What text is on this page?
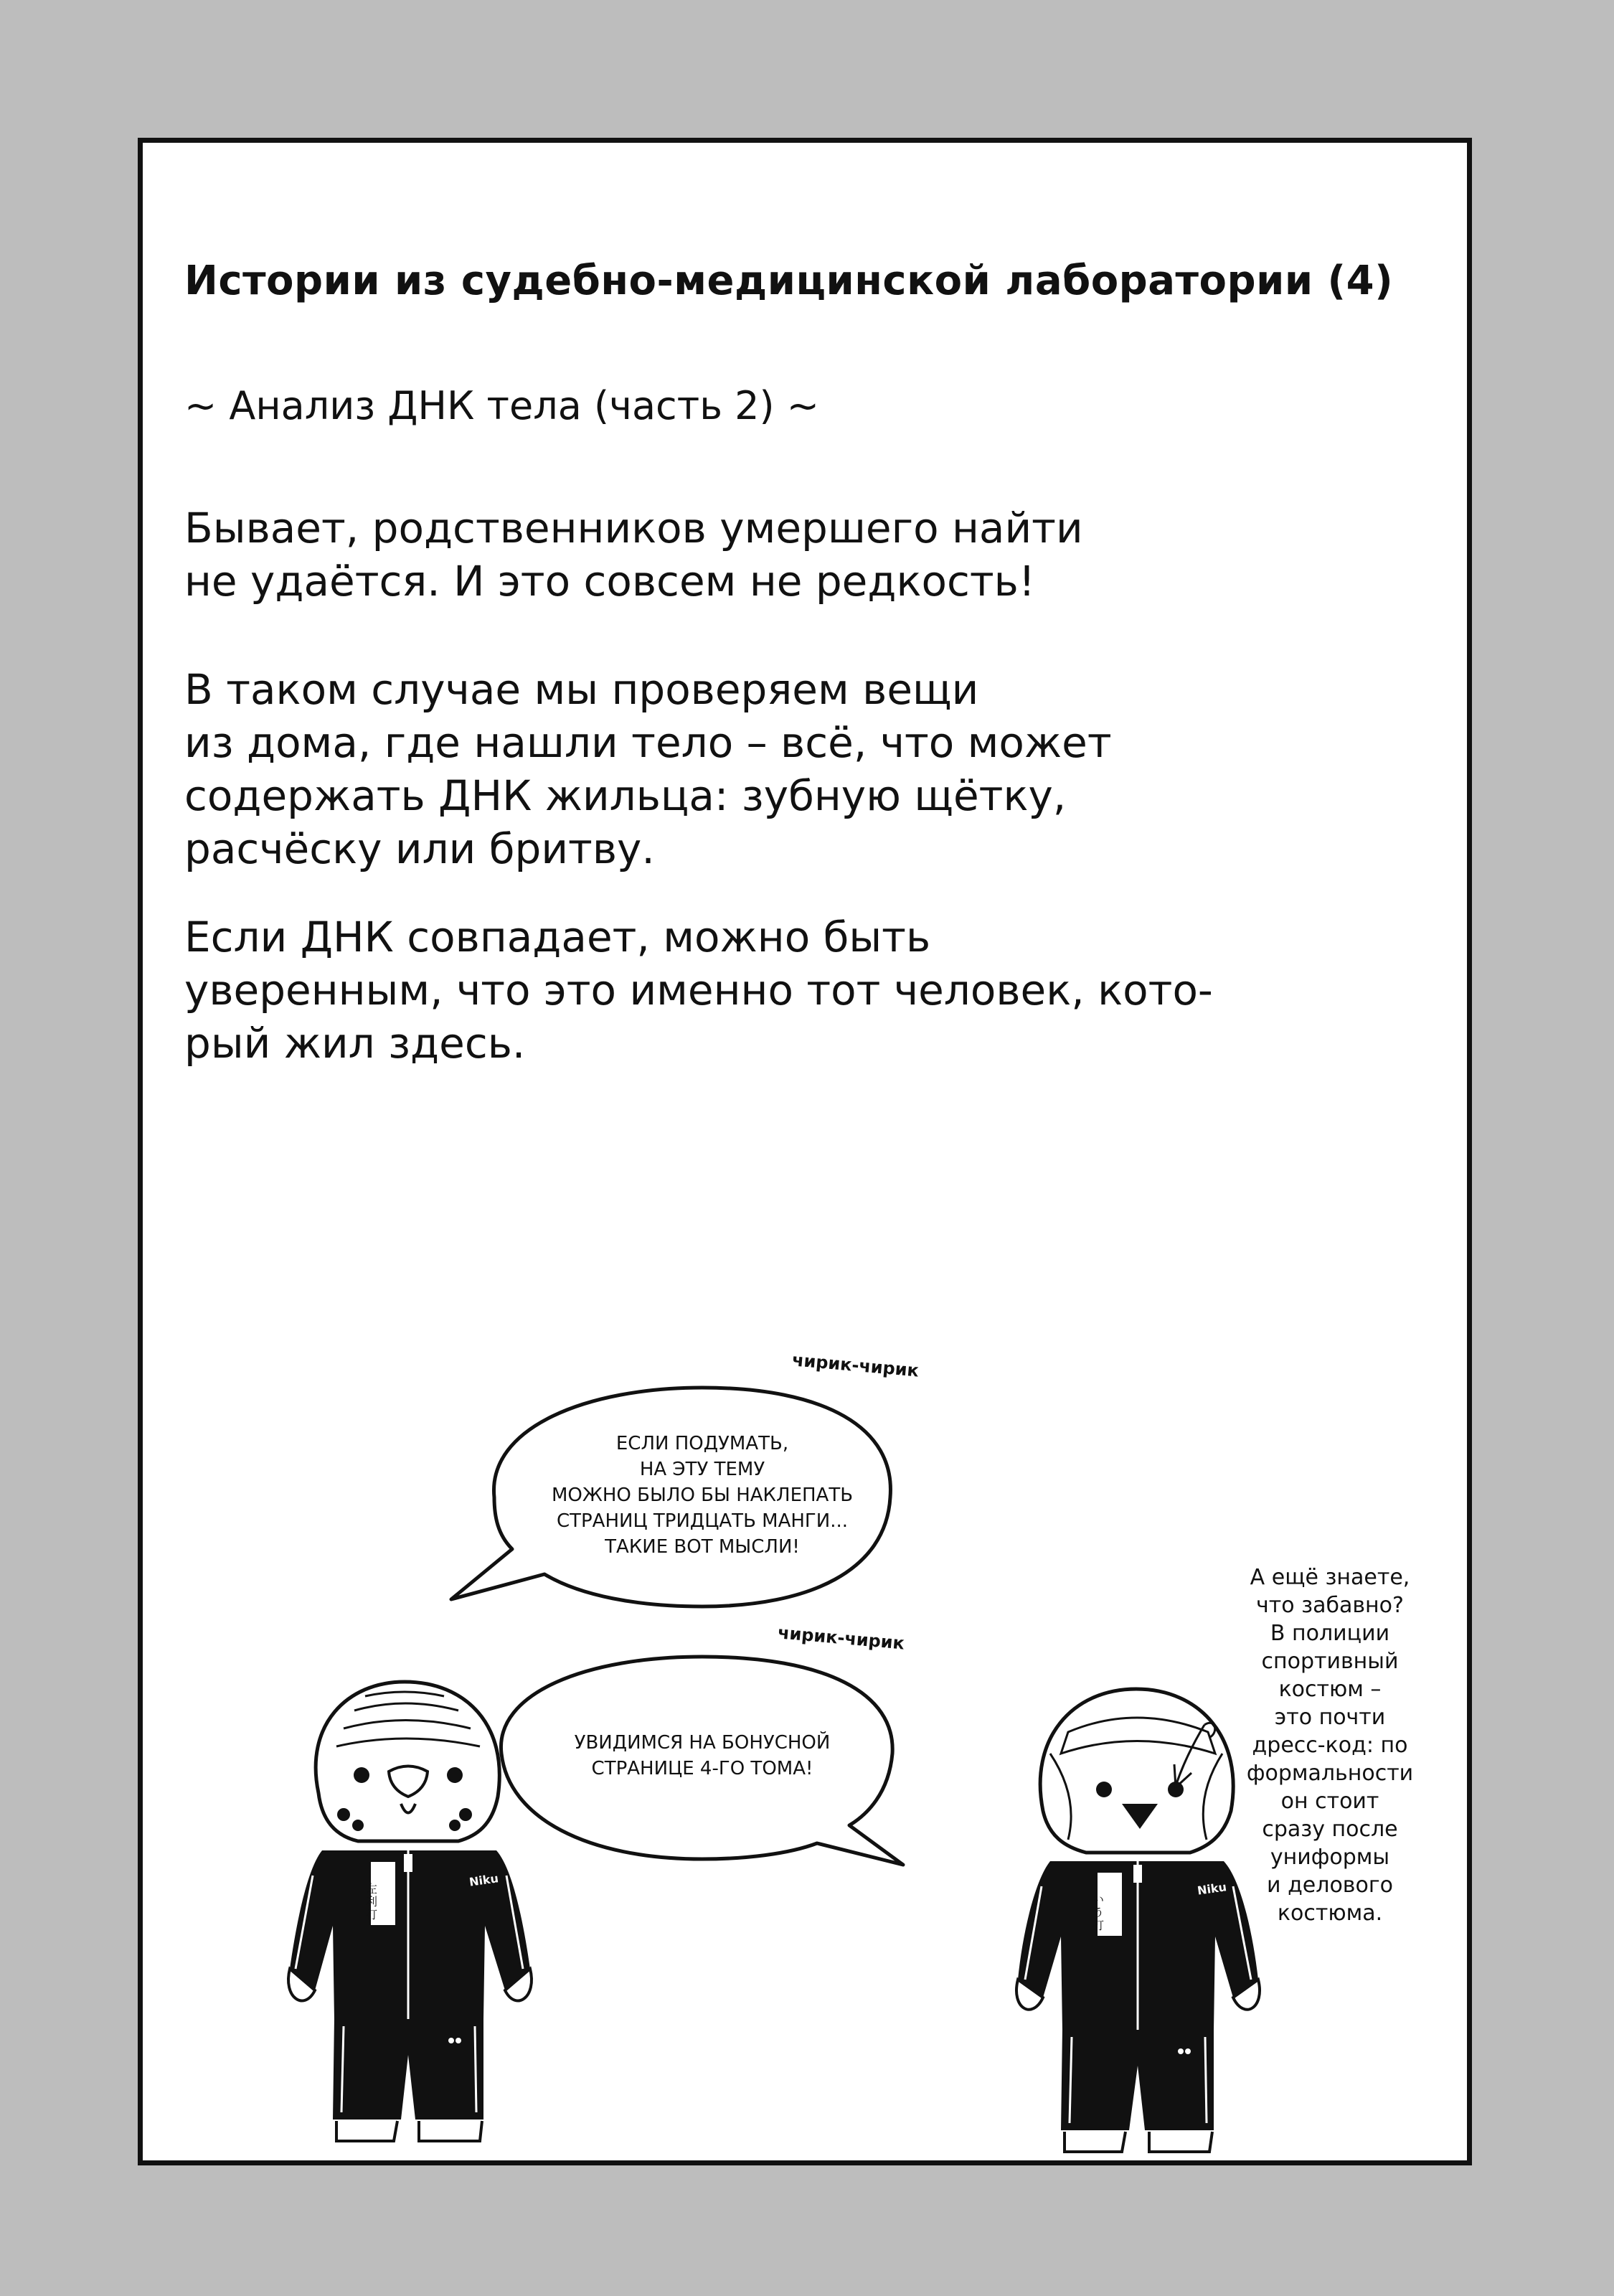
Истории из судебно-медицинской лаборатории (4)
~ Анализ ДНК тела (часть 2) ~
Бывает, родственников умершего найти
не удаётся. И это совсем не редкость!
В таком случае мы проверяем вещи
из дома, где нашли тело – всё, что может
содержать ДНК жильца: зубную щётку,
расчёску или бритву.
Если ДНК совпадает, можно быть
уверенным, что это именно тот человек, кото-
рый жил здесь.
ЕСЛИ ПОДУМАТЬ,
НА ЭТУ ТЕМУ
МОЖНО БЫЛО БЫ НАКЛЕПАТЬ
СТРАНИЦ ТРИДЦАТЬ МАНГИ...
ТАКИЕ ВОТ МЫСЛИ!
УВИДИМСЯ НА БОНУСНОЙ
СТРАНИЦЕ 4-ГО ТОМА!
чирик-чирик
чирик-чирик
Niku	Niku
左利打
いう打
А ещё знаете,
что забавно?
В полиции
спортивный
костюм –
это почти
дресс-код: по
формальности
он стоит
сразу после
униформы
и делового
костюма.
